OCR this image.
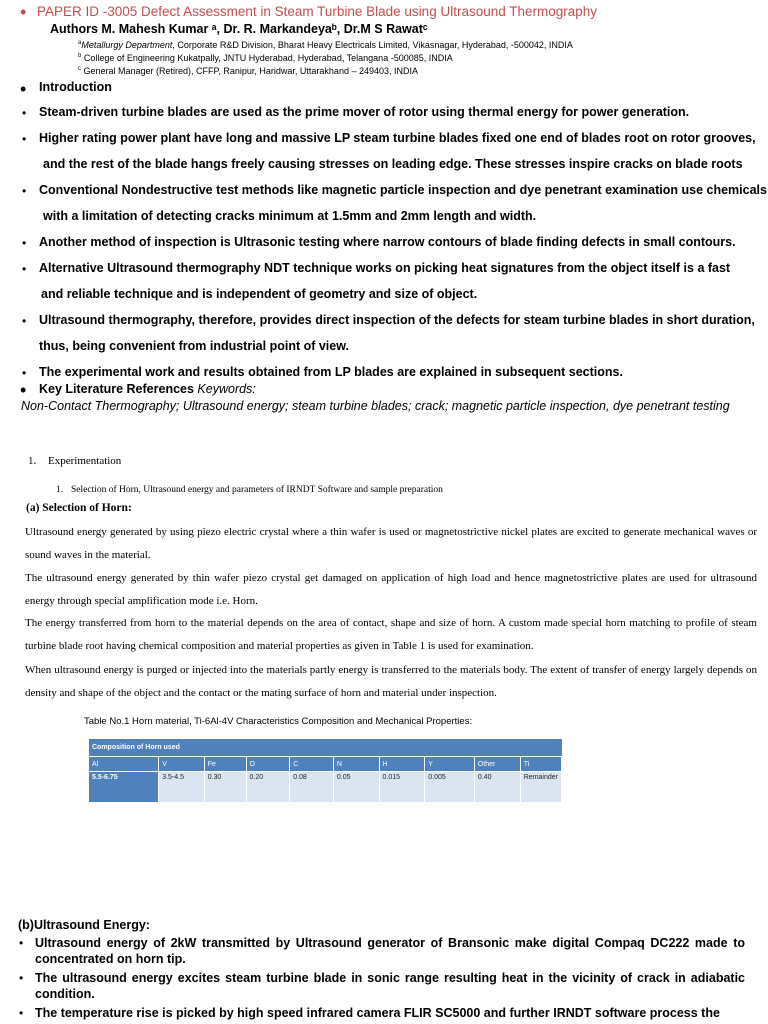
• PAPER ID -3005 Defect Assessment in Steam Turbine Blade using Ultrasound Thermography
Authors M. Mahesh Kumar ᵃ, Dr. R. Markandeyaᵇ, Dr.M S Rawatᶜ
$^a$Metallurgy Department, Corporate R&D Division, Bharat Heavy Electricals Limited, Vikasnagar, Hyderabad, -500042, INDIA
$^b$ College of Engineering Kukatpally, JNTU Hyderabad, Hyderabad, Telangana -500085, INDIA
$^c$ General Manager (Retired), CFFP, Ranipur, Haridwar, Uttarakhand – 249403, INDIA
• Introduction
• Steam-driven turbine blades are used as the prime mover of rotor using thermal energy for power generation.
• Higher rating power plant have long and massive LP steam turbine blades fixed one end of blades root on rotor grooves,
and the rest of the blade hangs freely causing stresses on leading edge. These stresses inspire cracks on blade roots
• Conventional Nondestructive test methods like magnetic particle inspection and dye penetrant examination use chemicals
with a limitation of detecting cracks minimum at 1.5mm and 2mm length and width.
• Another method of inspection is Ultrasonic testing where narrow contours of blade finding defects in small contours.
• Alternative Ultrasound thermography NDT technique works on picking heat signatures from the object itself is a fast
and reliable technique and is independent of geometry and size of object.
• Ultrasound thermography, therefore, provides direct inspection of the defects for steam turbine blades in short duration,
thus, being convenient from industrial point of view.
• The experimental work and results obtained from LP blades are explained in subsequent sections.
• Key Literature References Keywords:
Non-Contact Thermography; Ultrasound energy; steam turbine blades; crack; magnetic particle inspection, dye penetrant testing
1. Experimentation
1. Selection of Horn, Ultrasound energy and parameters of IRNDT Software and sample preparation
(a) Selection of Horn:
Ultrasound energy generated by using piezo electric crystal where a thin wafer is used or magnetostrictive nickel plates are excited to generate mechanical waves or sound waves in the material.
The ultrasound energy generated by thin wafer piezo crystal get damaged on application of high load and hence magnetostrictive plates are used for ultrasound energy through special amplification mode i.e. Horn.
The energy transferred from horn to the material depends on the area of contact, shape and size of horn. A custom made special horn matching to profile of steam turbine blade root having chemical composition and material properties as given in Table 1 is used for examination.
When ultrasound energy is purged or injected into the materials partly energy is transferred to the materials body. The extent of transfer of energy largely depends on density and shape of the object and the contact or the mating surface of horn and material under inspection.
Table No.1 Horn material, Ti-6Al-4V Characteristics Composition and Mechanical Properties:
Composition of Horn used									
Al	V	Fe	O	C	N	H	Y	Other	Ti
5.5-6.75	3.5-4.5	0.30	0.20	0.08	0.05	0.015	0.005	0.40	Remainder

(b)Ultrasound Energy:
• Ultrasound energy of 2kW transmitted by Ultrasound generator of Bransonic make digital Compaq DC222 made to concentrated on horn tip.
• The ultrasound energy excites steam turbine blade in sonic range resulting heat in the vicinity of crack in adiabatic condition.
• The temperature rise is picked by high speed infrared camera FLIR SC5000 and further IRNDT software process the
